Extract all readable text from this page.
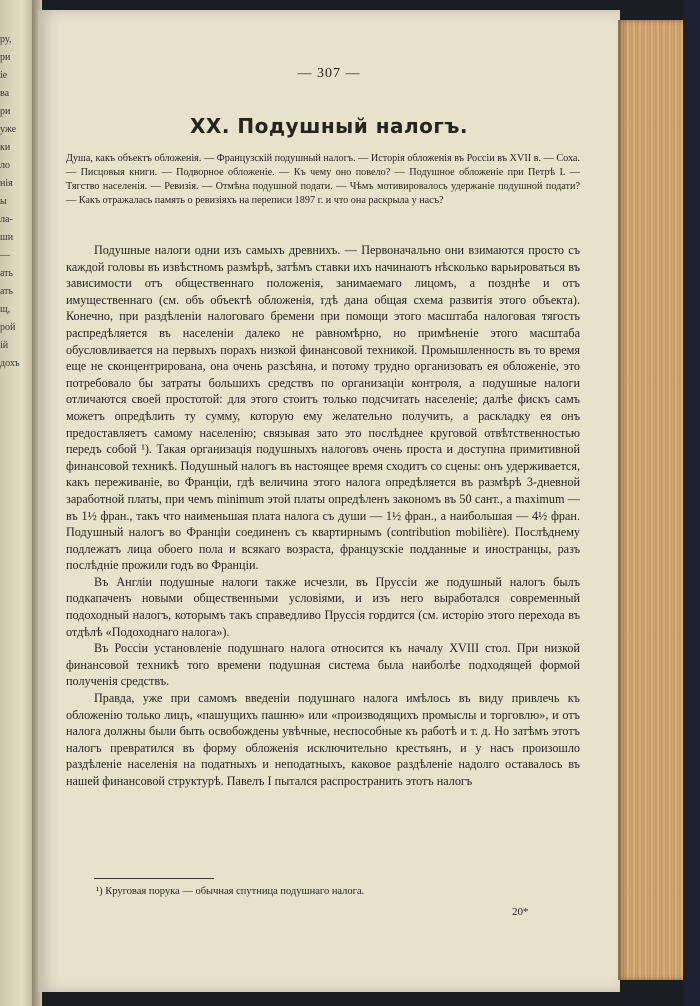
ру,
ри
іе
ва
ри
уже
ки
ло
нія
ы
ла-
ши
—
ать
ать
щ,
рой
ій
дохъ
— 307 —
XX. Подушный налогъ.
Душа, какъ объектъ обложенія. — Французскій подушный налогъ. — Исторія обложенія въ Россіи въ XVII в. — Соха. — Писцовыя книги. — Подворное обложеніе. — Къ чему оно повело? — Подушное обложеніе при Петрѣ I. — Тягство населенія. — Ревизія. — Отмѣна подушной подати. — Чѣмъ мотивировалось удержаніе подушной подати? — Какъ отражалась память о ревизіяхъ на переписи 1897 г. и что она раскрыла у насъ?

Подушные налоги одни изъ самыхъ древнихъ. — Первоначально они взимаются просто съ каждой головы въ извѣстномъ размѣрѣ, затѣмъ ставки ихъ начинаютъ нѣсколько варьироваться въ зависимости отъ общественнаго положенія, занимаемаго лицомъ, а позднѣе и отъ имущественнаго (см. объ объектѣ обложенія, гдѣ дана общая схема развитія этого объекта). Конечно, при раздѣленіи налоговаго бремени при помощи этого масштаба налоговая тягость распредѣляется въ населеніи далеко не равномѣрно, но примѣненіе этого масштаба обусловливается на первыхъ порахъ низкой финансовой техникой. Промышленность въ то время еще не сконцентрирована, она очень разсѣяна, и потому трудно организовать ея обложеніе, это потребовало бы затраты большихъ средствъ по организаціи контроля, а подушные налоги отличаются своей простотой: для этого стоитъ только подсчитать населеніе; далѣе фискъ самъ можетъ опредѣлить ту сумму, которую ему желательно получить, а раскладку ея онъ предоставляетъ самому населенію; связывая зато это послѣднее круговой отвѣтственностью передъ собой ¹). Такая организація подушныхъ налоговъ очень проста и доступна примитивной финансовой техникѣ. Подушный налогъ въ настоящее время сходитъ со сцены: онъ удерживается, какъ переживаніе, во Франціи, гдѣ величина этого налога опредѣляется въ размѣрѣ 3-дневной заработной платы, при чемъ minimum этой платы опредѣленъ закономъ въ 50 сант., а maximum — въ 1½ фран., такъ что наименьшая плата налога съ души — 1½ фран., а наибольшая — 4½ фран. Подушный налогъ во Франціи соединенъ съ квартирнымъ (contribution mobilière). Послѣднему подлежатъ лица обоего пола и всякаго возраста, французскіе подданные и иностранцы, разъ послѣдніе прожили годъ во Франціи.

Въ Англіи подушные налоги также исчезли, въ Пруссіи же подушный налогъ былъ подкапаченъ новыми общественными условіями, и изъ него выработался современный подоходный налогъ, которымъ такъ справедливо Пруссія гордится (см. исторію этого перехода въ отдѣлѣ «Подоходнаго налога»).

Въ Россіи установленіе подушнаго налога относится къ началу XVIII стол. При низкой финансовой техникѣ того времени подушная система была наиболѣе подходящей формой полученія средствъ.

Правда, уже при самомъ введеніи подушнаго налога имѣлось въ виду привлечь къ обложенію только лицъ, «пашущихъ пашню» или «производящихъ промыслы и торговлю», и отъ налога должны были быть освобождены увѣчные, неспособные къ работѣ и т. д. Но затѣмъ этотъ налогъ превратился въ форму обложенія исключительно крестьянъ, и у насъ произошло раздѣленіе населенія на податныхъ и неподатныхъ, каковое раздѣленіе надолго оставалось въ нашей финансовой структурѣ. Павелъ I пытался распространить этотъ налогъ

¹) Круговая порука — обычная спутница подушнаго налога.
20*
